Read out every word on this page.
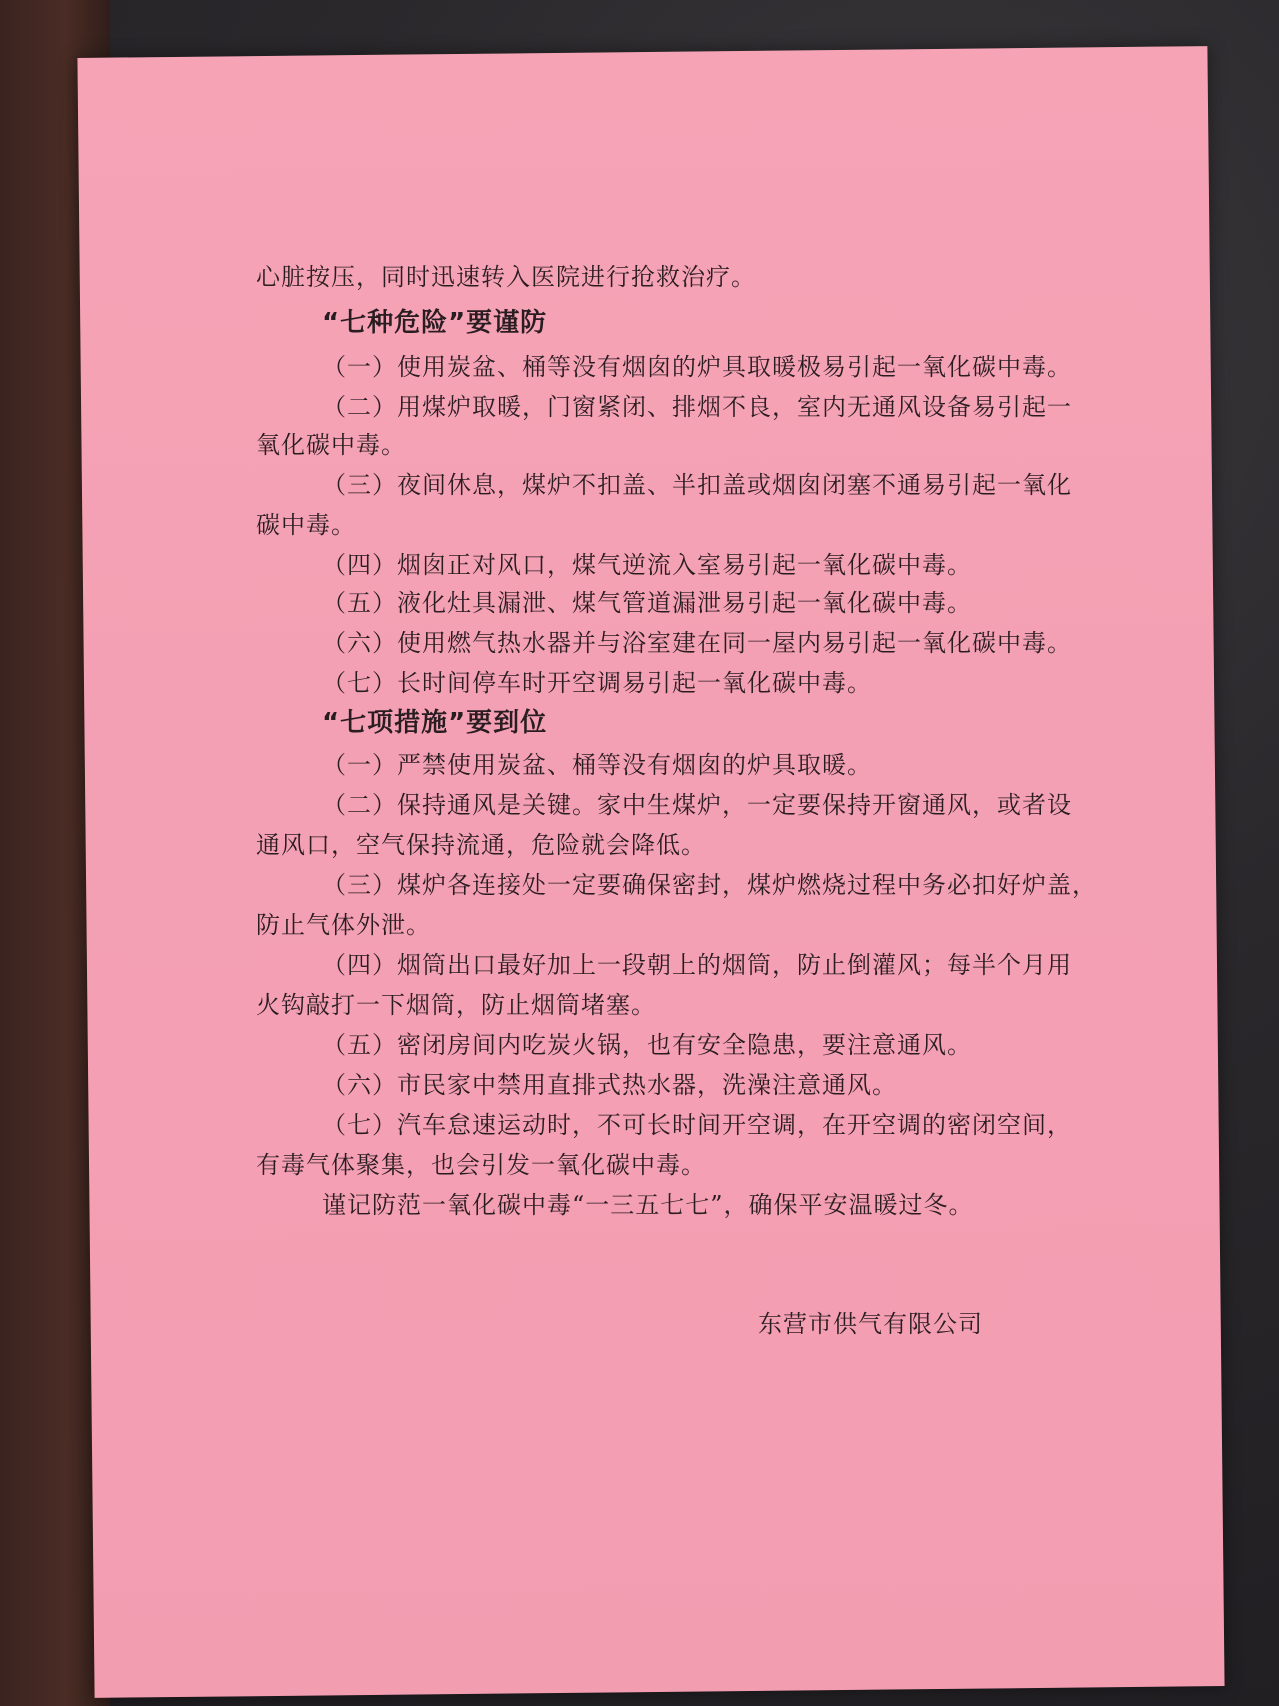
心脏按压，同时迅速转入医院进行抢救治疗。
“七种危险”要谨防
（一）使用炭盆、桶等没有烟囱的炉具取暖极易引起一氧化碳中毒。
（二）用煤炉取暖，门窗紧闭、排烟不良，室内无通风设备易引起一
氧化碳中毒。
（三）夜间休息，煤炉不扣盖、半扣盖或烟囱闭塞不通易引起一氧化
碳中毒。
（四）烟囱正对风口，煤气逆流入室易引起一氧化碳中毒。
（五）液化灶具漏泄、煤气管道漏泄易引起一氧化碳中毒。
（六）使用燃气热水器并与浴室建在同一屋内易引起一氧化碳中毒。
（七）长时间停车时开空调易引起一氧化碳中毒。
“七项措施”要到位
（一）严禁使用炭盆、桶等没有烟囱的炉具取暖。
（二）保持通风是关键。家中生煤炉，一定要保持开窗通风，或者设
通风口，空气保持流通，危险就会降低。
（三）煤炉各连接处一定要确保密封，煤炉燃烧过程中务必扣好炉盖，
防止气体外泄。
（四）烟筒出口最好加上一段朝上的烟筒，防止倒灌风；每半个月用
火钩敲打一下烟筒，防止烟筒堵塞。
（五）密闭房间内吃炭火锅，也有安全隐患，要注意通风。
（六）市民家中禁用直排式热水器，洗澡注意通风。
（七）汽车怠速运动时，不可长时间开空调，在开空调的密闭空间，
有毒气体聚集，也会引发一氧化碳中毒。
谨记防范一氧化碳中毒“一三五七七”，确保平安温暖过冬。
东营市供气有限公司
